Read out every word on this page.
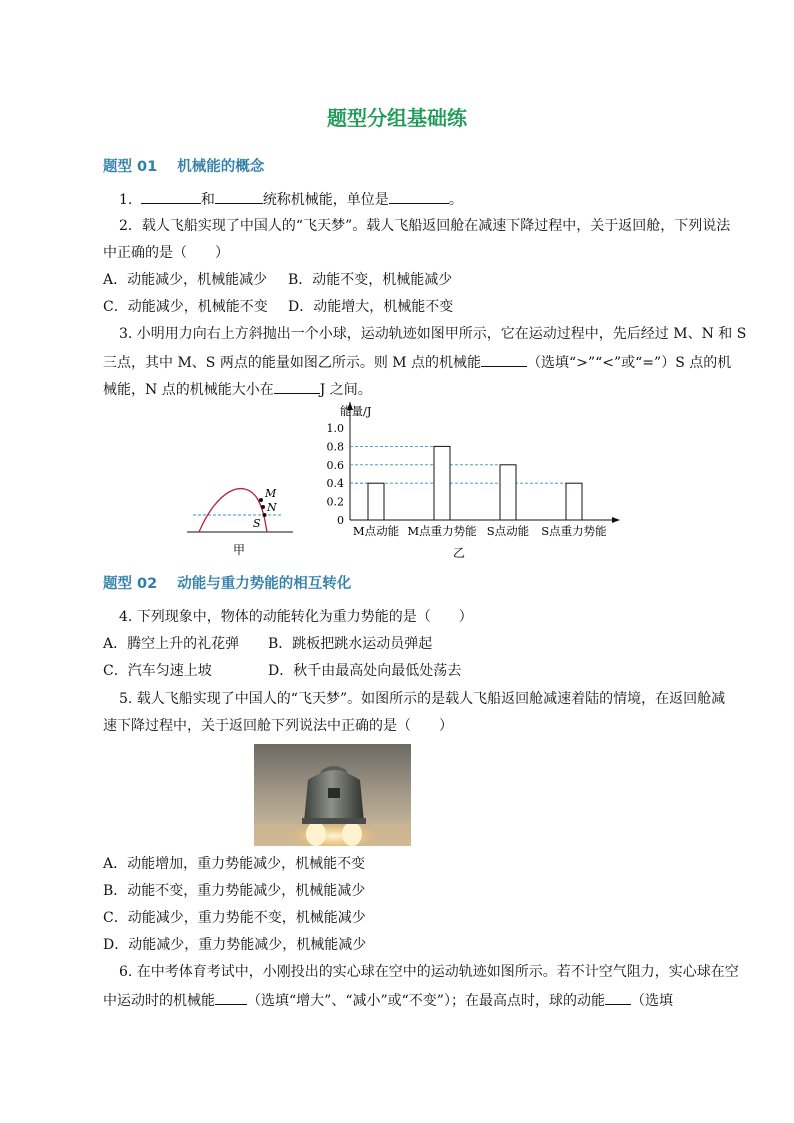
题型分组基础练
题型 01 机械能的概念
1.	和	统称机械能，单位是	。
2．载人飞船实现了中国人的“飞天梦”。载人飞船返回舱在减速下降过程中，关于返回舱，下列说法
中正确的是（　　）
A．动能减少，机械能减少 B．动能不变，机械能减少
C．动能减少，机械能不变 D．动能增大，机械能不变
3. 小明用力向右上方斜抛出一个小球，运动轨迹如图甲所示，它在运动过程中，先后经过 M、N 和 S
三点，其中 M、S 两点的能量如图乙所示。则 M 点的机械能	（选填“>”“<”或“=”）S 点的机
械能，N 点的机械能大小在	J 之间。
M
N
S
甲
能量/J
0
0.2
0.4
0.6
0.8
1.0
M点动能 M点重力势能 S点动能 S点重力势能
乙
题型 02 动能与重力势能的相互转化
4. 下列现象中，物体的动能转化为重力势能的是（　　）
A．腾空上升的礼花弹 B．跳板把跳水运动员弹起
C．汽车匀速上坡	D．秋千由最高处向最低处荡去
5. 载人飞船实现了中国人的“飞天梦”。如图所示的是载人飞船返回舱减速着陆的情境，在返回舱减
速下降过程中，关于返回舱下列说法中正确的是（　　）
A．动能增加，重力势能减少，机械能不变
B．动能不变，重力势能减少，机械能减少
C．动能减少，重力势能不变，机械能减少
D．动能减少，重力势能减少，机械能减少
6. 在中考体育考试中，小刚投出的实心球在空中的运动轨迹如图所示。若不计空气阻力，实心球在空
中运动时的机械能 （选填“增大”、“减小”或“不变”）；在最高点时，球的动能 （选填
